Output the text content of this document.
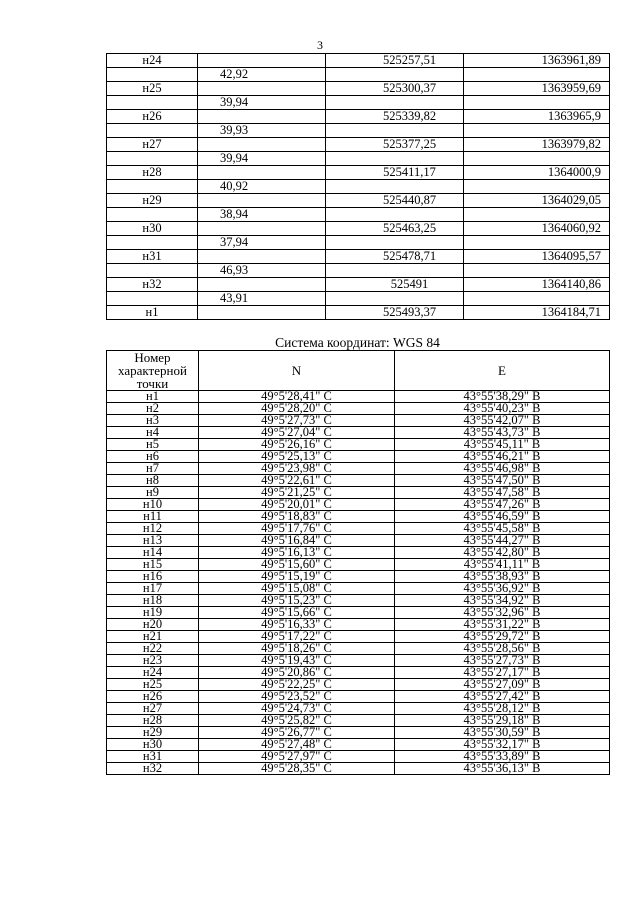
3
н24		525257,51	1363961,89
	42,92		
н25		525300,37	1363959,69
	39,94		
н26		525339,82	1363965,9
	39,93		
н27		525377,25	1363979,82
	39,94		
н28		525411,17	1364000,9
	40,92		
н29		525440,87	1364029,05
	38,94		
н30		525463,25	1364060,92
	37,94		
н31		525478,71	1364095,57
	46,93		
н32		525491	1364140,86
	43,91		
н1		525493,37	1364184,71
Система координат: WGS 84
Номер характерной точки	N	E
н1	49°5'28,41" С	43°55'38,29" В
н2	49°5'28,20" С	43°55'40,23" В
н3	49°5'27,73" С	43°55'42,07" В
н4	49°5'27,04" С	43°55'43,73" В
н5	49°5'26,16" С	43°55'45,11" В
н6	49°5'25,13" С	43°55'46,21" В
н7	49°5'23,98" С	43°55'46,98" В
н8	49°5'22,61" С	43°55'47,50" В
н9	49°5'21,25" С	43°55'47,58" В
н10	49°5'20,01" С	43°55'47,26" В
н11	49°5'18,83" С	43°55'46,59" В
н12	49°5'17,76" С	43°55'45,58" В
н13	49°5'16,84" С	43°55'44,27" В
н14	49°5'16,13" С	43°55'42,80" В
н15	49°5'15,60" С	43°55'41,11" В
н16	49°5'15,19" С	43°55'38,93" В
н17	49°5'15,08" С	43°55'36,92" В
н18	49°5'15,23" С	43°55'34,92" В
н19	49°5'15,66" С	43°55'32,96" В
н20	49°5'16,33" С	43°55'31,22" В
н21	49°5'17,22" С	43°55'29,72" В
н22	49°5'18,26" С	43°55'28,56" В
н23	49°5'19,43" С	43°55'27,73" В
н24	49°5'20,86" С	43°55'27,17" В
н25	49°5'22,25" С	43°55'27,09" В
н26	49°5'23,52" С	43°55'27,42" В
н27	49°5'24,73" С	43°55'28,12" В
н28	49°5'25,82" С	43°55'29,18" В
н29	49°5'26,77" С	43°55'30,59" В
н30	49°5'27,48" С	43°55'32,17" В
н31	49°5'27,97" С	43°55'33,89" В
н32	49°5'28,35" С	43°55'36,13" В
